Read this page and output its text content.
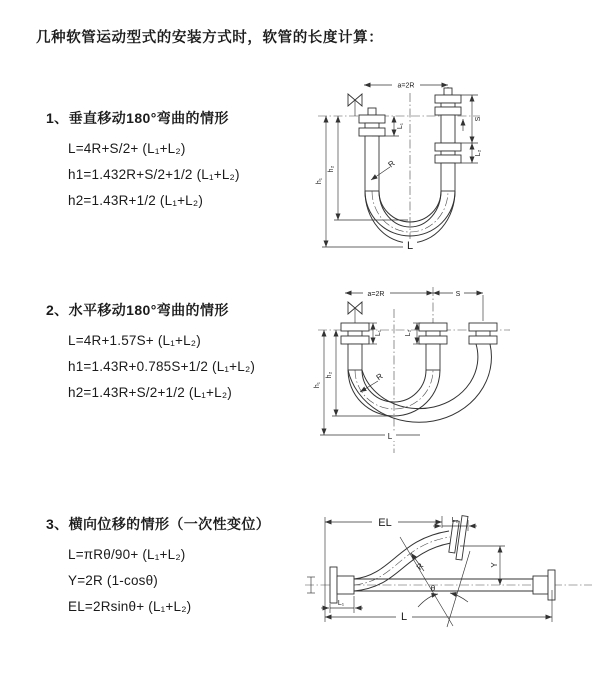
几种软管运动型式的安装方式时，软管的长度计算：
1、垂直移动180°弯曲的情形
L=4R+S/2+ (L₁+L₂)
h1=1.432R+S/2+1/2 (L₁+L₂)
h2=1.43R+1/2 (L₁+L₂)
2、水平移动180°弯曲的情形
L=4R+1.57S+ (L₁+L₂)
h1=1.43R+0.785S+1/2 (L₁+L₂)
h2=1.43R+S/2+1/2 (L₁+L₂)
3、横向位移的情形（一次性变位）
L=πRθ/90+ (L₁+L₂)
Y=2R (1-cosθ)
EL=2Rsinθ+ (L₁+L₂)
a=2R
h₁
h₂
L₁
S
L₂
R
L
a=2R	S
h₁
h₂
L₁	L₂
R
L
EL	L₂
Y
θ
R
L
L₁
